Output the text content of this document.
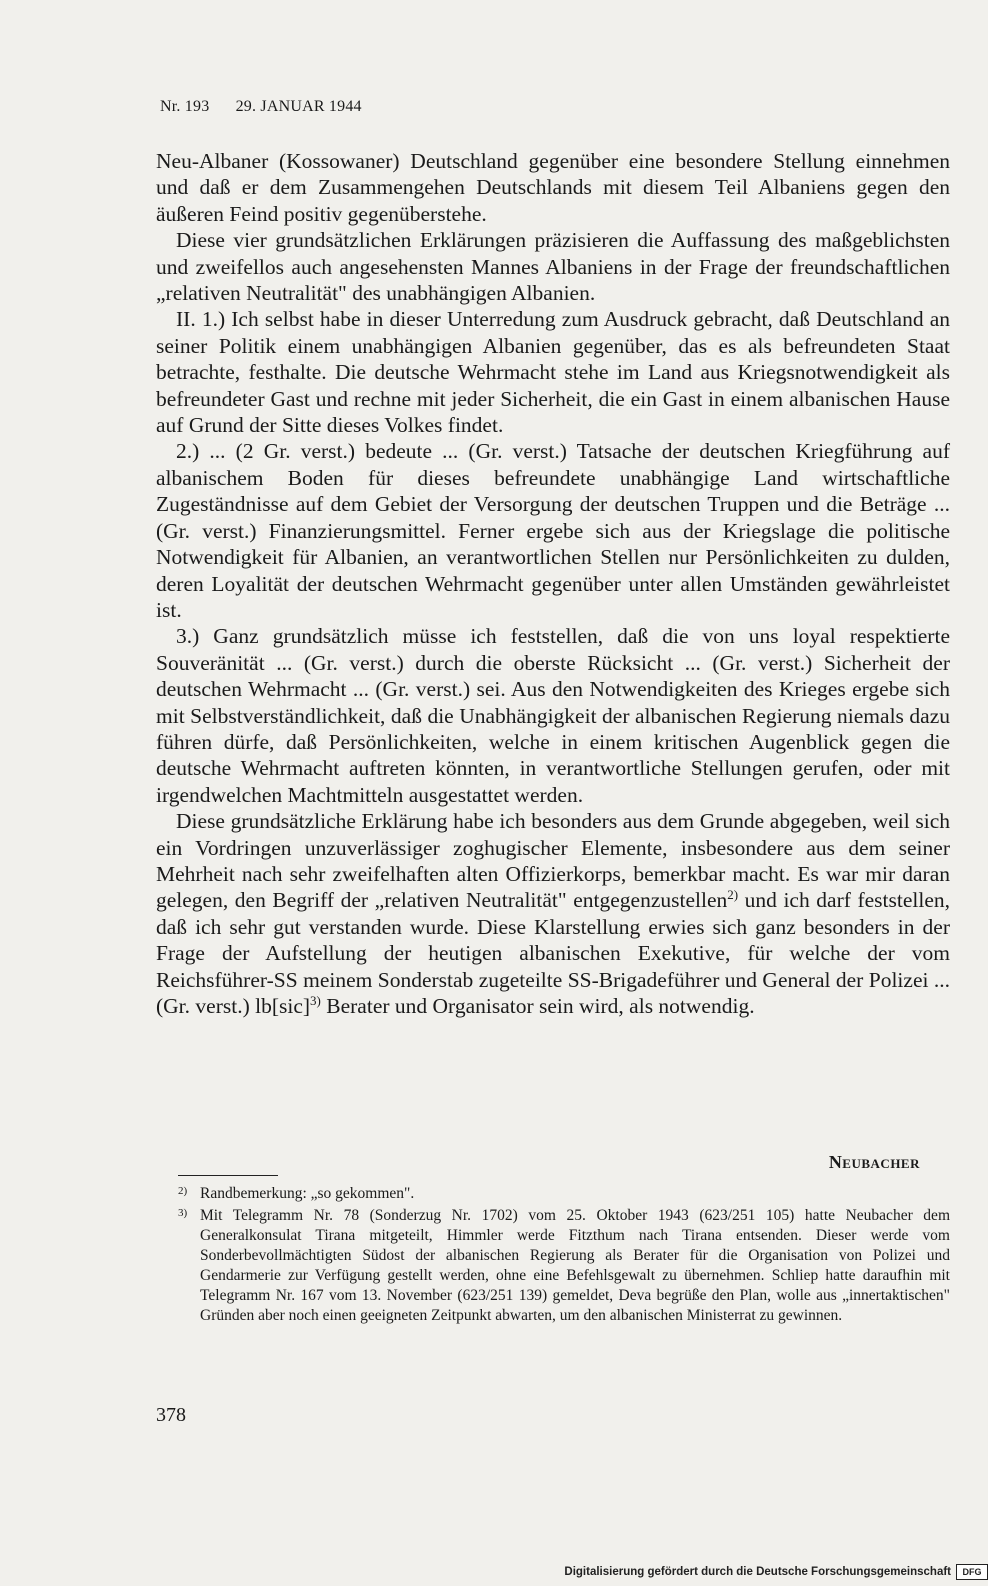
Nr. 193 29. JANUAR 1944

Neu-Albaner (Kossowaner) Deutschland gegenüber eine besondere Stellung einnehmen und daß er dem Zusammengehen Deutschlands mit diesem Teil Albaniens gegen den äußeren Feind positiv gegenüberstehe.

Diese vier grundsätzlichen Erklärungen präzisieren die Auffassung des maßgeblichsten und zweifellos auch angesehensten Mannes Albaniens in der Frage der freundschaftlichen „relativen Neutralität" des unabhängigen Albanien.

II. 1.) Ich selbst habe in dieser Unterredung zum Ausdruck gebracht, daß Deutschland an seiner Politik einem unabhängigen Albanien gegenüber, das es als befreundeten Staat betrachte, festhalte. Die deutsche Wehrmacht stehe im Land aus Kriegsnotwendigkeit als befreundeter Gast und rechne mit jeder Sicherheit, die ein Gast in einem albanischen Hause auf Grund der Sitte dieses Volkes findet.

2.) ... (2 Gr. verst.) bedeute ... (Gr. verst.) Tatsache der deutschen Kriegführung auf albanischem Boden für dieses befreundete unabhängige Land wirtschaftliche Zugeständnisse auf dem Gebiet der Versorgung der deutschen Truppen und die Beträge ... (Gr. verst.) Finanzierungsmittel. Ferner ergebe sich aus der Kriegslage die politische Notwendigkeit für Albanien, an verantwortlichen Stellen nur Persönlichkeiten zu dulden, deren Loyalität der deutschen Wehrmacht gegenüber unter allen Umständen gewährleistet ist.

3.) Ganz grundsätzlich müsse ich feststellen, daß die von uns loyal respektierte Souveränität ... (Gr. verst.) durch die oberste Rücksicht ... (Gr. verst.) Sicherheit der deutschen Wehrmacht ... (Gr. verst.) sei. Aus den Notwendigkeiten des Krieges ergebe sich mit Selbstverständlichkeit, daß die Unabhängigkeit der albanischen Regierung niemals dazu führen dürfe, daß Persönlichkeiten, welche in einem kritischen Augenblick gegen die deutsche Wehrmacht auftreten könnten, in verantwortliche Stellungen gerufen, oder mit irgendwelchen Machtmitteln ausgestattet werden.

Diese grundsätzliche Erklärung habe ich besonders aus dem Grunde abgegeben, weil sich ein Vordringen unzuverlässiger zoghugischer Elemente, insbesondere aus dem seiner Mehrheit nach sehr zweifelhaften alten Offizierkorps, bemerkbar macht. Es war mir daran gelegen, den Begriff der „relativen Neutralität" entgegenzustellen$^{2)}$ und ich darf feststellen, daß ich sehr gut verstanden wurde. Diese Klarstellung erwies sich ganz besonders in der Frage der Aufstellung der heutigen albanischen Exekutive, für welche der vom Reichsführer-SS meinem Sonderstab zugeteilte SS-Brigadeführer und General der Polizei ... (Gr. verst.) lb[sic]$^{3)}$ Berater und Organisator sein wird, als notwendig.

Neubacher
2) Randbemerkung: „so gekommen".
3) Mit Telegramm Nr. 78 (Sonderzug Nr. 1702) vom 25. Oktober 1943 (623/251 105) hatte Neubacher dem Generalkonsulat Tirana mitgeteilt, Himmler werde Fitzthum nach Tirana entsenden. Dieser werde vom Sonderbevollmächtigten Südost der albanischen Regierung als Berater für die Organisation von Polizei und Gendarmerie zur Verfügung gestellt werden, ohne eine Befehlsgewalt zu übernehmen. Schliep hatte daraufhin mit Telegramm Nr. 167 vom 13. November (623/251 139) gemeldet, Deva begrüße den Plan, wolle aus „innertaktischen" Gründen aber noch einen geeigneten Zeitpunkt abwarten, um den albanischen Ministerrat zu gewinnen.
378
Digitalisierung gefördert durch die Deutsche Forschungsgemeinschaft	DFG
